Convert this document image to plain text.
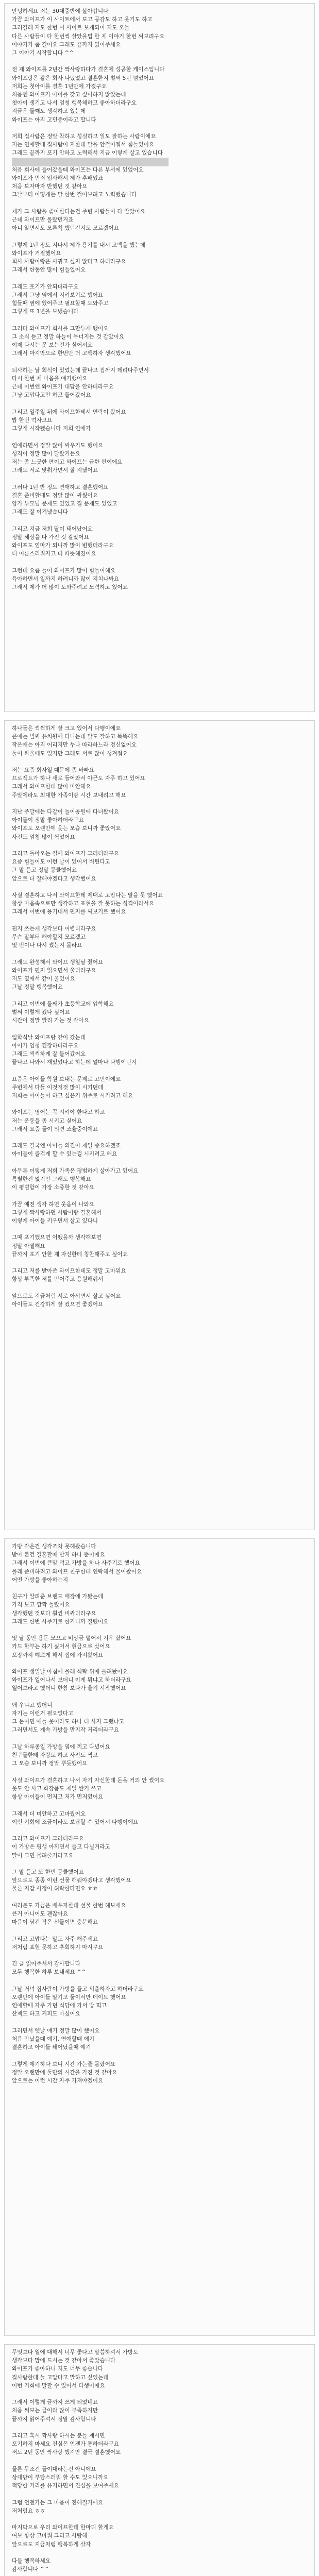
안녕하세요 저는 30대중반에 살아갑니다
가끔 와이프가 이 사이트에서 보고 공감도 하고 웃기도 하고
그러길래 저도 한번 이 사이트 보게되어 저도 오늘
다른 사람들이 다 한번씩 살았을법 한 제 이야기 한번 써보려구요
이야기가 좀 길어요 그래도 끝까지 읽어주세요
그 이야기 시작합니다 ^^

전 제 와이프를 2년간 짝사랑하다가 결혼에 성공한 케이스입니다
와이프랑은 같은 회사 다녔었고 결혼한지 벌써 5년 넘었어요
저희는 첫아이를 결혼 1년만에 가졌구요
처음엔 와이프가 아이를 갖고 싶어하지 않았는데
첫아이 생기고 나서 엄청 행복해하고 좋아하더라구요
지금은 둘째도 생각하고 있는데
와이프는 아직 고민중이라고 합니다

저희 집사람은 정말 착하고 성실하고 일도 잘하는 사람이에요
저는 연애할때 집사람이 저한테 말을 안걸어줘서 힘들었어요
그래도 끝까지 포기 안하고 노력해서 지금 이렇게 살고 있습니다

처음 회사에 들어갔을때 와이프는 다른 부서에 있었어요
와이프가 먼저 입사해서 제가 후배였죠
처음 보자마자 반했던 것 같아요
그날부터 어떻게든 말 한번 걸어보려고 노력했습니다

제가 그 사람을 좋아한다는건 주변 사람들이 다 알았어요
근데 와이프만 몰랐던거죠
아니 알면서도 모른척 했던건지도 모르겠어요

그렇게 1년 정도 지나서 제가 용기를 내서 고백을 했는데
와이프가 거절했어요
회사 사람이랑은 사귀고 싶지 않다고 하더라구요
그래서 한동안 많이 힘들었어요

그래도 포기가 안되더라구요
그래서 그냥 옆에서 지켜보기로 했어요
힘들때 옆에 있어주고 필요할때 도와주고
그렇게 또 1년을 보냈습니다

그러다 와이프가 회사를 그만두게 됐어요
그 소식 듣고 정말 하늘이 무너지는 것 같았어요
이제 다시는 못 보는건가 싶어서요
그래서 마지막으로 한번만 더 고백하자 생각했어요

퇴사하는 날 회식이 있었는데 끝나고 집까지 데려다주면서
다시 한번 제 마음을 얘기했어요
근데 이번엔 와이프가 대답을 안하더라구요
그냥 고맙다고만 하고 들어갔어요

그리고 일주일 뒤에 와이프한테서 연락이 왔어요
밥 한번 먹자고요
그렇게 시작됐습니다 저희 연애가

연애하면서 정말 많이 싸우기도 했어요
성격이 정말 많이 달랐거든요
저는 좀 느긋한 편이고 와이프는 급한 편이에요
그래도 서로 맞춰가면서 잘 지냈어요

그러다 1년 반 정도 연애하고 결혼했어요
결혼 준비할때도 정말 많이 싸웠어요
양가 부모님 문제도 있었고 집 문제도 있었고
그래도 잘 이겨냈습니다

그리고 지금 저희 딸이 태어났어요
정말 세상을 다 가진 것 같았어요
와이프도 엄마가 되니까 많이 변했더라구요
더 어른스러워지고 더 따뜻해졌어요

그런데 요즘 들어 와이프가 많이 힘들어해요
육아하면서 일까지 하려니까 많이 지치나봐요
그래서 제가 더 많이 도와주려고 노력하고 있어요
하나둘은 씩씩하게 잘 크고 있어서 다행이에요
큰애는 벌써 유치원에 다니는데 말도 잘하고 똑똑해요
작은애는 아직 어리지만 누나 따라하느라 정신없어요
둘이 싸울때도 있지만 그래도 서로 많이 챙겨줘요

저는 요즘 회사일 때문에 좀 바빠요
프로젝트가 하나 새로 들어와서 야근도 자주 하고 있어요
그래서 와이프한테 많이 미안해요
주말에라도 최대한 가족이랑 시간 보내려고 해요

지난 주말에는 다같이 놀이공원에 다녀왔어요
아이들이 정말 좋아하더라구요
와이프도 오랜만에 웃는 모습 보니까 좋았어요
사진도 엄청 많이 찍었어요

그리고 돌아오는 길에 와이프가 그러더라구요
요즘 힘들어도 이런 날이 있어서 버틴다고
그 말 듣고 정말 뭉클했어요
앞으로 더 잘해야겠다고 생각했어요

사실 결혼하고 나서 와이프한테 제대로 고맙다는 말을 못 했어요
항상 마음속으로만 생각하고 표현을 잘 못하는 성격이라서요
그래서 이번에 용기내서 편지를 써보기로 했어요

편지 쓰는게 생각보다 어렵더라구요
무슨 말부터 해야할지 모르겠고
몇 번이나 다시 썼는지 몰라요

그래도 완성해서 와이프 생일날 줬어요
와이프가 편지 읽으면서 울더라구요
저도 옆에서 같이 울었어요
그날 정말 행복했어요

그리고 이번에 둘째가 초등학교에 입학해요
벌써 이렇게 컸나 싶어요
시간이 정말 빨리 가는 것 같아요

입학식날 와이프랑 같이 갔는데
아이가 엄청 긴장하더라구요
그래도 씩씩하게 잘 들어갔어요
끝나고 나와서 재밌었다고 하는데 얼마나 다행이던지

요즘은 아이들 학원 보내는 문제로 고민이에요
주변에서 다들 이것저것 많이 시키던데
저희는 아이들이 하고 싶은거 위주로 시키려고 해요

와이프는 영어는 꼭 시켜야 한다고 하고
저는 운동을 좀 시키고 싶어요
그래서 요즘 둘이 의견 조율중이에요

그래도 결국엔 아이들 의견이 제일 중요하겠죠
아이들이 즐겁게 할 수 있는걸 시키려고 해요

아무튼 이렇게 저희 가족은 평범하게 살아가고 있어요
특별한건 없지만 그래도 행복해요
이 평범함이 가장 소중한 것 같아요

가끔 예전 생각 하면 웃음이 나와요
그렇게 짝사랑하던 사람이랑 결혼해서
이렇게 아이들 키우면서 살고 있다니

그때 포기했으면 어땠을까 생각해보면
정말 아찔해요
끝까지 포기 안한 제 자신한테 칭찬해주고 싶어요

그리고 저를 받아준 와이프한테도 정말 고마워요
항상 부족한 저를 믿어주고 응원해줘서

앞으로도 지금처럼 서로 아끼면서 살고 싶어요
아이들도 건강하게 잘 컸으면 좋겠어요
가방 같은건 생각조차 못해봤습니다
받아 본건 결혼할때 반지 하나 뿐이에요
그래서 이번에 큰맘 먹고 가방을 하나 사주기로 했어요
몰래 준비하려고 와이프 친구한테 연락해서 물어봤어요
어떤 가방을 좋아하는지

친구가 알려준 브랜드 매장에 가봤는데
가격 보고 깜짝 놀랐어요
생각했던 것보다 훨씬 비싸더라구요
그래도 한번 사주기로 한거니까 질렀어요

몇 달 동안 용돈 모으고 비상금 털어서 겨우 샀어요
카드 할부는 하기 싫어서 현금으로 샀어요
포장까지 예쁘게 해서 집에 가져왔어요

와이프 생일날 아침에 몰래 식탁 위에 올려놨어요
와이프가 일어나서 보더니 이게 뭐냐고 하더라구요
열어보라고 했더니 한참 보다가 울기 시작했어요

왜 우냐고 했더니
자기는 이런거 필요없다고
그 돈이면 애들 옷이라도 하나 더 사지 그랬냐고
그러면서도 계속 가방을 만지작 거리더라구요

그날 하루종일 가방을 옆에 끼고 다녔어요
친구들한테 자랑도 하고 사진도 찍고
그 모습 보니까 정말 뿌듯했어요

사실 와이프가 결혼하고 나서 자기 자신한테 돈을 거의 안 썼어요
옷도 안 사고 화장품도 제일 싼거 쓰고
항상 아이들이 먼저고 저가 먼저였어요

그래서 더 미안하고 고마웠어요
이번 기회에 조금이라도 보답할 수 있어서 다행이에요

그리고 와이프가 그러더라구요
이 가방은 평생 아끼면서 들고 다닐거라고
딸이 크면 물려줄거라고요

그 말 듣고 또 한번 뭉클했어요
앞으로도 종종 이런 선물 해줘야겠다고 생각했어요
물론 지갑 사정이 허락한다면요 ㅎㅎ

여러분도 가끔은 배우자한테 선물 한번 해보세요
큰거 아니어도 괜찮아요
마음이 담긴 작은 선물이면 충분해요

그리고 고맙다는 말도 자주 해주세요
저처럼 표현 못하고 후회하지 마시구요

긴 글 읽어주셔서 감사합니다
모두 행복한 하루 보내세요 ^^

그날 저녁 집사람이 가방을 들고 외출하자고 하더라구요
오랜만에 아이들 맡기고 둘이서만 데이트 했어요
연애할때 자주 가던 식당에 가서 밥 먹고
산책도 하고 커피도 마셨어요

그러면서 옛날 얘기 정말 많이 했어요
처음 만났을때 얘기, 연애할때 얘기
결혼하고 아이들 태어났을때 얘기

그렇게 얘기하다 보니 시간 가는줄 몰랐어요
정말 오랜만에 둘만의 시간을 가진 것 같아요
앞으로는 이런 시간 자주 가져야겠어요
무엇보다 일에 대해서 너무 좋다고 말씀하셔서 가방도
생각보다 맘에 드시는 것 같아서 좋았습니다
와이프가 좋아하니 저도 너무 좋습니다
집사람한테 늘 고맙다고 말하고 싶었는데
이번 기회에 말할 수 있어서 다행이에요

그래서 이렇게 글까지 쓰게 되었네요
처음 써보는 글이라 많이 부족하지만
끝까지 읽어주셔서 정말 감사합니다

그리고 혹시 짝사랑 하시는 분들 계시면
포기하지 마세요 진심은 언젠가 통하더라구요
저도 2년 동안 짝사랑 했지만 결국 결혼했어요

물론 무조건 들이대라는건 아니에요
상대방이 부담스러워 할 수도 있으니까요
적당한 거리를 유지하면서 진심을 보여주세요

그럼 언젠가는 그 마음이 전해질거에요
저처럼요 ㅎㅎ

마지막으로 우리 와이프한테 한마디 할게요
여보 항상 고마워 그리고 사랑해
앞으로도 지금처럼 행복하게 살자

다들 행복하세요
감사합니다 ^^
